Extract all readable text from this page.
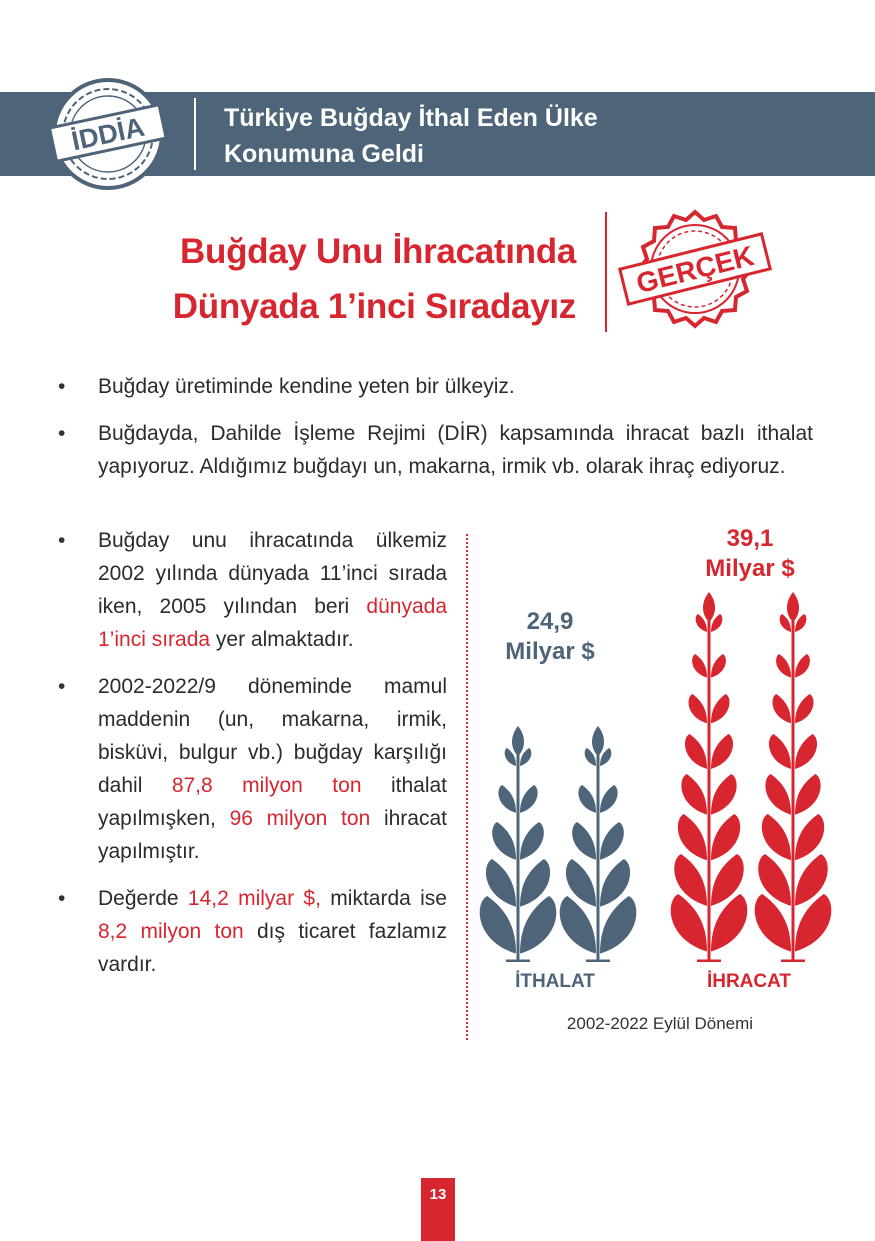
İDDİA	Türkiye Buğday İthal Eden Ülke
Konumuna Geldi
Buğday Unu İhracatında
Dünyada 1’inci Sıradayız
GERÇEK
• Buğday üretiminde kendine yeten bir ülkeyiz.
• Buğdayda, Dahilde İşleme Rejimi (DİR) kapsamında ihracat bazlı ithalat yapıyoruz. Aldığımız buğdayı un, makarna, irmik vb. olarak ihraç ediyoruz.
• Buğday unu ihracatında ülkemiz 2002 yılında dünyada 11’inci sırada iken, 2005 yılından beri dünyada 1’inci sırada yer almaktadır.
• 2002-2022/9 döneminde mamul maddenin (un, makarna, irmik, bisküvi, bulgur vb.) buğday karşılığı dahil 87,8 milyon ton ithalat yapılmışken, 96 milyon ton ihracat yapılmıştır.
• Değerde 14,2 milyar $, miktarda ise 8,2 milyon ton dış ticaret fazlamız vardır.
24,9
Milyar $
39,1
Milyar $
İTHALAT	İHRACAT
2002-2022 Eylül Dönemi
13
